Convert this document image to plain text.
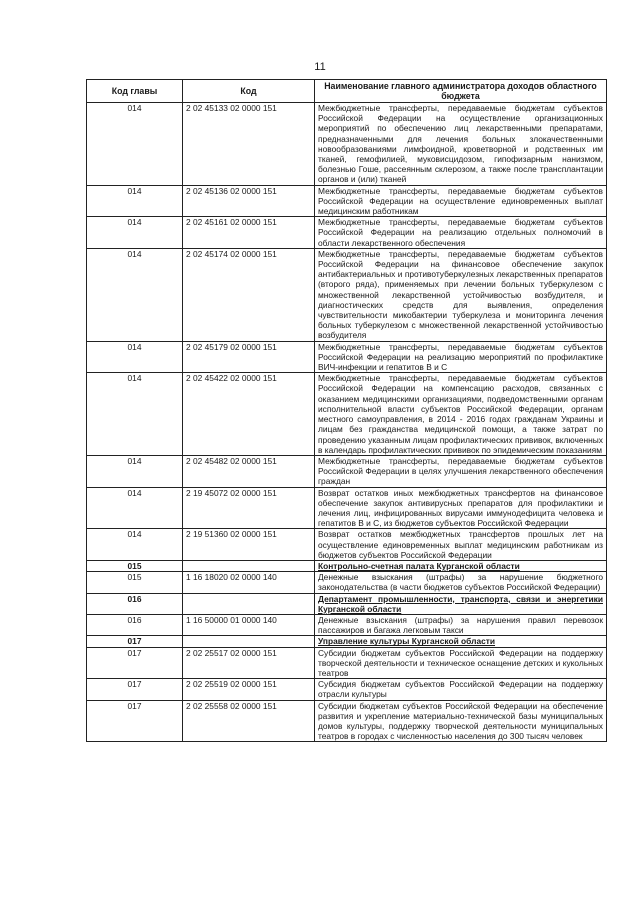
11
Код главы	Код	Наименование главного администратора доходов областного бюджета
014	2 02 45133 02 0000 151	Межбюджетные трансферты, передаваемые бюджетам субъектов Российской Федерации на осуществление организационных мероприятий по обеспечению лиц лекарственными препаратами, предназначенными для лечения больных злокачественными новообразованиями лимфоидной, кроветворной и родственных им тканей, гемофилией, муковисцидозом, гипофизарным нанизмом, болезнью Гоше, рассеянным склерозом, а также после трансплантации органов и (или) тканей
014	2 02 45136 02 0000 151	Межбюджетные трансферты, передаваемые бюджетам субъектов Российской Федерации на осуществление единовременных выплат медицинским работникам
014	2 02 45161 02 0000 151	Межбюджетные трансферты, передаваемые бюджетам субъектов Российской Федерации на реализацию отдельных полномочий в области лекарственного обеспечения
014	2 02 45174 02 0000 151	Межбюджетные трансферты, передаваемые бюджетам субъектов Российской Федерации на финансовое обеспечение закупок антибактериальных и противотуберкулезных лекарственных препаратов (второго ряда), применяемых при лечении больных туберкулезом с множественной лекарственной устойчивостью возбудителя, и диагностических средств для выявления, определения чувствительности микобактерии туберкулеза и мониторинга лечения больных туберкулезом с множественной лекарственной устойчивостью возбудителя
014	2 02 45179 02 0000 151	Межбюджетные трансферты, передаваемые бюджетам субъектов Российской Федерации на реализацию мероприятий по профилактике ВИЧ-инфекции и гепатитов В и С
014	2 02 45422 02 0000 151	Межбюджетные трансферты, передаваемые бюджетам субъектов Российской Федерации на компенсацию расходов, связанных с оказанием медицинскими организациями, подведомственными органам исполнительной власти субъектов Российской Федерации, органам местного самоуправления, в 2014 - 2016 годах гражданам Украины и лицам без гражданства медицинской помощи, а также затрат по проведению указанным лицам профилактических прививок, включенных в календарь профилактических прививок по эпидемическим показаниям
014	2 02 45482 02 0000 151	Межбюджетные трансферты, передаваемые бюджетам субъектов Российской Федерации в целях улучшения лекарственного обеспечения граждан
014	2 19 45072 02 0000 151	Возврат остатков иных межбюджетных трансфертов на финансовое обеспечение закупок антивирусных препаратов для профилактики и лечения лиц, инфицированных вирусами иммунодефицита человека и гепатитов В и С, из бюджетов субъектов Российской Федерации
014	2 19 51360 02 0000 151	Возврат остатков межбюджетных трансфертов прошлых лет на осуществление единовременных выплат медицинским работникам из бюджетов субъектов Российской Федерации
015		Контрольно-счетная палата Курганской области
015	1 16 18020 02 0000 140	Денежные взыскания (штрафы) за нарушение бюджетного законодательства (в части бюджетов субъектов Российской Федерации)
016		Департамент промышленности, транспорта, связи и энергетики Курганской области
016	1 16 50000 01 0000 140	Денежные взыскания (штрафы) за нарушения правил перевозок пассажиров и багажа легковым такси
017		Управление культуры Курганской области
017	2 02 25517 02 0000 151	Субсидии бюджетам субъектов Российской Федерации на поддержку творческой деятельности и техническое оснащение детских и кукольных театров
017	2 02 25519 02 0000 151	Субсидия бюджетам субъектов Российской Федерации на поддержку отрасли культуры
017	2 02 25558 02 0000 151	Субсидии бюджетам субъектов Российской Федерации на обеспечение развития и укрепление материально-технической базы муниципальных домов культуры, поддержку творческой деятельности муниципальных театров в городах с численностью населения до 300 тысяч человек
